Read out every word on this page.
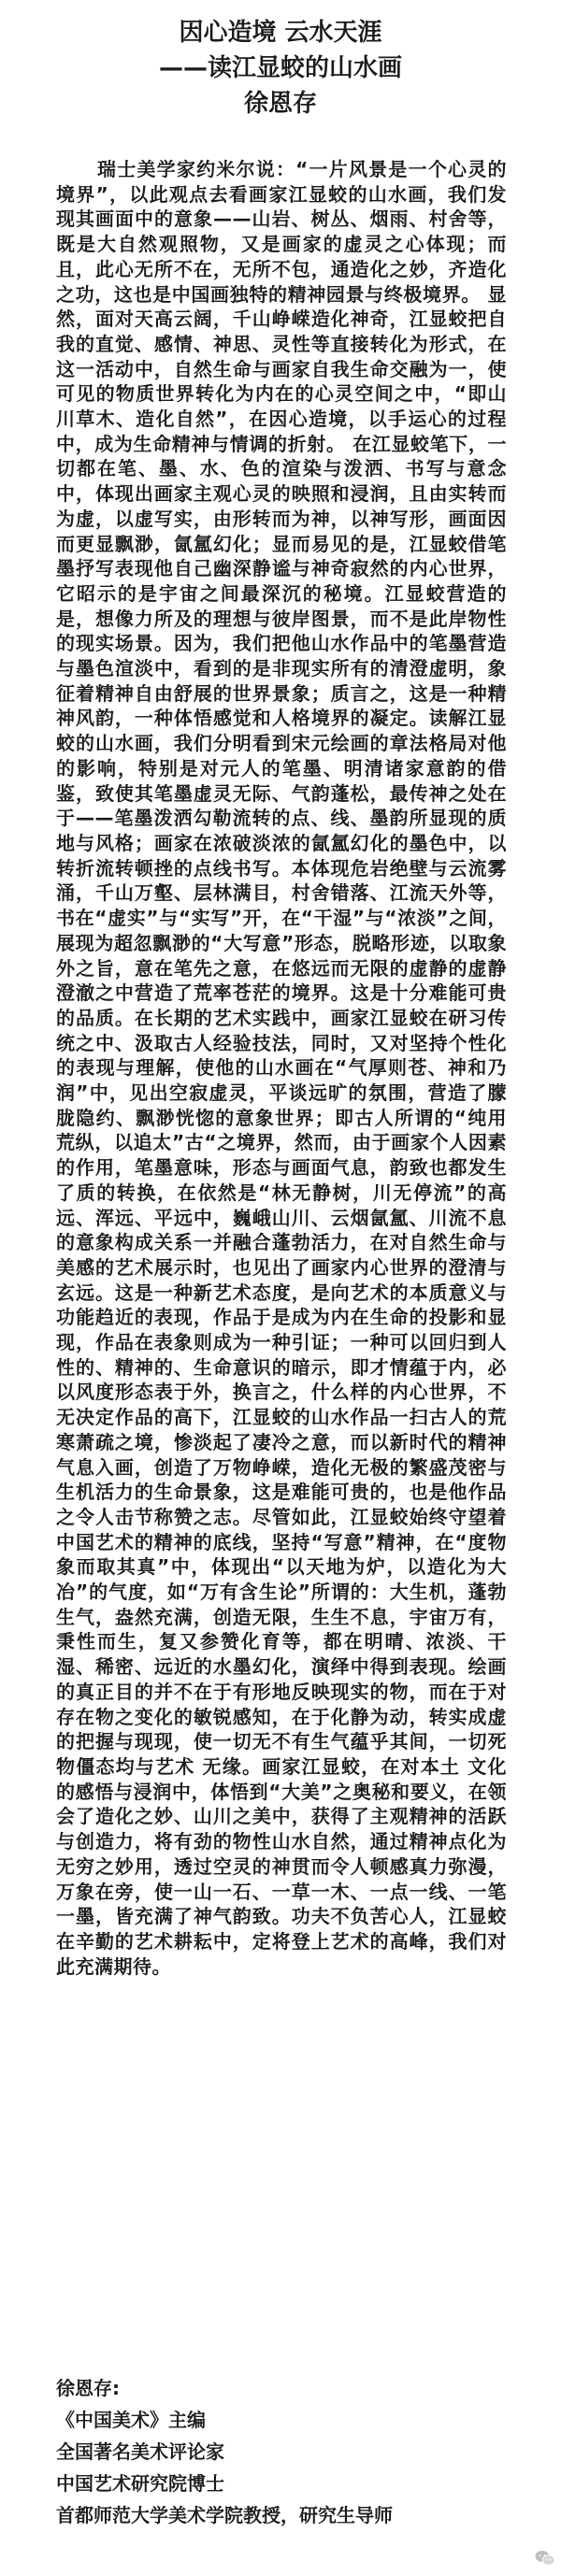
因心造境 云水天涯
——读江显蛟的山水画
徐恩存

瑞士美学家约米尔说：“一片风景是一个心灵的境界”，以此观点去看画家江显蛟的山水画，我们发现其画面中的意象——山岩、树丛、烟雨、村舍等，既是大自然观照物，又是画家的虚灵之心体现；而且，此心无所不在，无所不包，通造化之妙，齐造化之功，这也是中国画独特的精神园景与终极境界。 显然，面对天高云阔，千山峥嵘造化神奇，江显蛟把自我的直觉、感情、神思、灵性等直接转化为形式，在这一活动中，自然生命与画家自我生命交融为一，使可见的物质世界转化为内在的心灵空间之中，“即山川草木、造化自然”，在因心造境，以手运心的过程中，成为生命精神与情调的折射。 在江显蛟笔下，一切都在笔、墨、水、色的渲染与泼洒、书写与意念中，体现出画家主观心灵的映照和浸润，且由实转而为虚，以虚写实，由形转而为神，以神写形，画面因而更显飘渺，氤氲幻化；显而易见的是，江显蛟借笔墨抒写表现他自己幽深静谧与神奇寂然的内心世界，它昭示的是宇宙之间最深沉的秘境。江显蛟营造的是，想像力所及的理想与彼岸图景，而不是此岸物性的现实场景。因为，我们把他山水作品中的笔墨营造与墨色渲淡中，看到的是非现实所有的清澄虚明，象征着精神自由舒展的世界景象；质言之，这是一种精神风韵，一种体悟感觉和人格境界的凝定。读解江显蛟的山水画，我们分明看到宋元绘画的章法格局对他的影响，特别是对元人的笔墨、明清诸家意韵的借鉴，致使其笔墨虚灵无际、气韵蓬松，最传神之处在于——笔墨泼洒勾勒流转的点、线、墨韵所显现的质地与风格；画家在浓破淡浓的氤氲幻化的墨色中，以转折流转顿挫的点线书写。本体现危岩绝壁与云流雾涌，千山万壑、层林满目，村舍错落、江流天外等，书在“虚实”与“实写”开，在“干湿”与“浓淡”之间，展现为超忽飘渺的“大写意”形态，脱略形迹，以取象外之旨，意在笔先之意，在悠远而无限的虚静的虚静澄澈之中营造了荒率苍茫的境界。这是十分难能可贵的品质。在长期的艺术实践中，画家江显蛟在研习传统之中、汲取古人经验技法，同时，又对坚持个性化的表现与理解，使他的山水画在“气厚则苍、神和乃润”中，见出空寂虚灵，平谈远旷的氛围，营造了朦胧隐约、飘渺恍惚的意象世界；即古人所谓的“纯用荒纵，以追太”古“之境界，然而，由于画家个人因素的作用，笔墨意味，形态与画面气息，韵致也都发生了质的转换，在依然是“林无静树，川无停流”的高远、浑远、平远中，巍峨山川、云烟氤氲、川流不息的意象构成关系一并融合蓬勃活力，在对自然生命与美感的艺术展示时，也见出了画家内心世界的澄清与玄远。这是一种新艺术态度，是向艺术的本质意义与功能趋近的表现，作品于是成为内在生命的投影和显现，作品在表象则成为一种引证；一种可以回归到人性的、精神的、生命意识的暗示，即才情蕴于内，必以风度形态表于外，换言之，什么样的内心世界，不无决定作品的高下，江显蛟的山水作品一扫古人的荒寒萧疏之境，惨淡起了凄冷之意，而以新时代的精神气息入画，创造了万物峥嵘，造化无极的繁盛茂密与生机活力的生命景象，这是难能可贵的，也是他作品之令人击节称赞之志。尽管如此，江显蛟始终守望着中国艺术的精神的底线，坚持“写意”精神，在“度物象而取其真”中，体现出“以天地为炉，以造化为大冶”的气度，如“万有含生论”所谓的：大生机，蓬勃生气，盎然充满，创造无限，生生不息，宇宙万有，秉性而生，复又参赞化育等，都在明晴、浓淡、干湿、稀密、远近的水墨幻化，演绎中得到表现。绘画的真正目的并不在于有形地反映现实的物，而在于对存在物之变化的敏锐感知，在于化静为动，转实成虚的把握与现现，使一切无不有生气蕴乎其间，一切死物僵态均与艺术 无缘。画家江显蛟，在对本土 文化的感悟与浸润中，体悟到“大美”之奥秘和要义，在领会了造化之妙、山川之美中，获得了主观精神的活跃与创造力，将有劲的物性山水自然，通过精神点化为无穷之妙用，透过空灵的神贯而令人顿感真力弥漫，万象在旁，使一山一石、一草一木、一点一线、一笔一墨，皆充满了神气韵致。功夫不负苦心人，江显蛟在辛勤的艺术耕耘中，定将登上艺术的高峰，我们对此充满期待。

徐恩存:
《中国美术》主编
全国著名美术评论家
中国艺术研究院博士
首都师范大学美术学院教授，研究生导师
